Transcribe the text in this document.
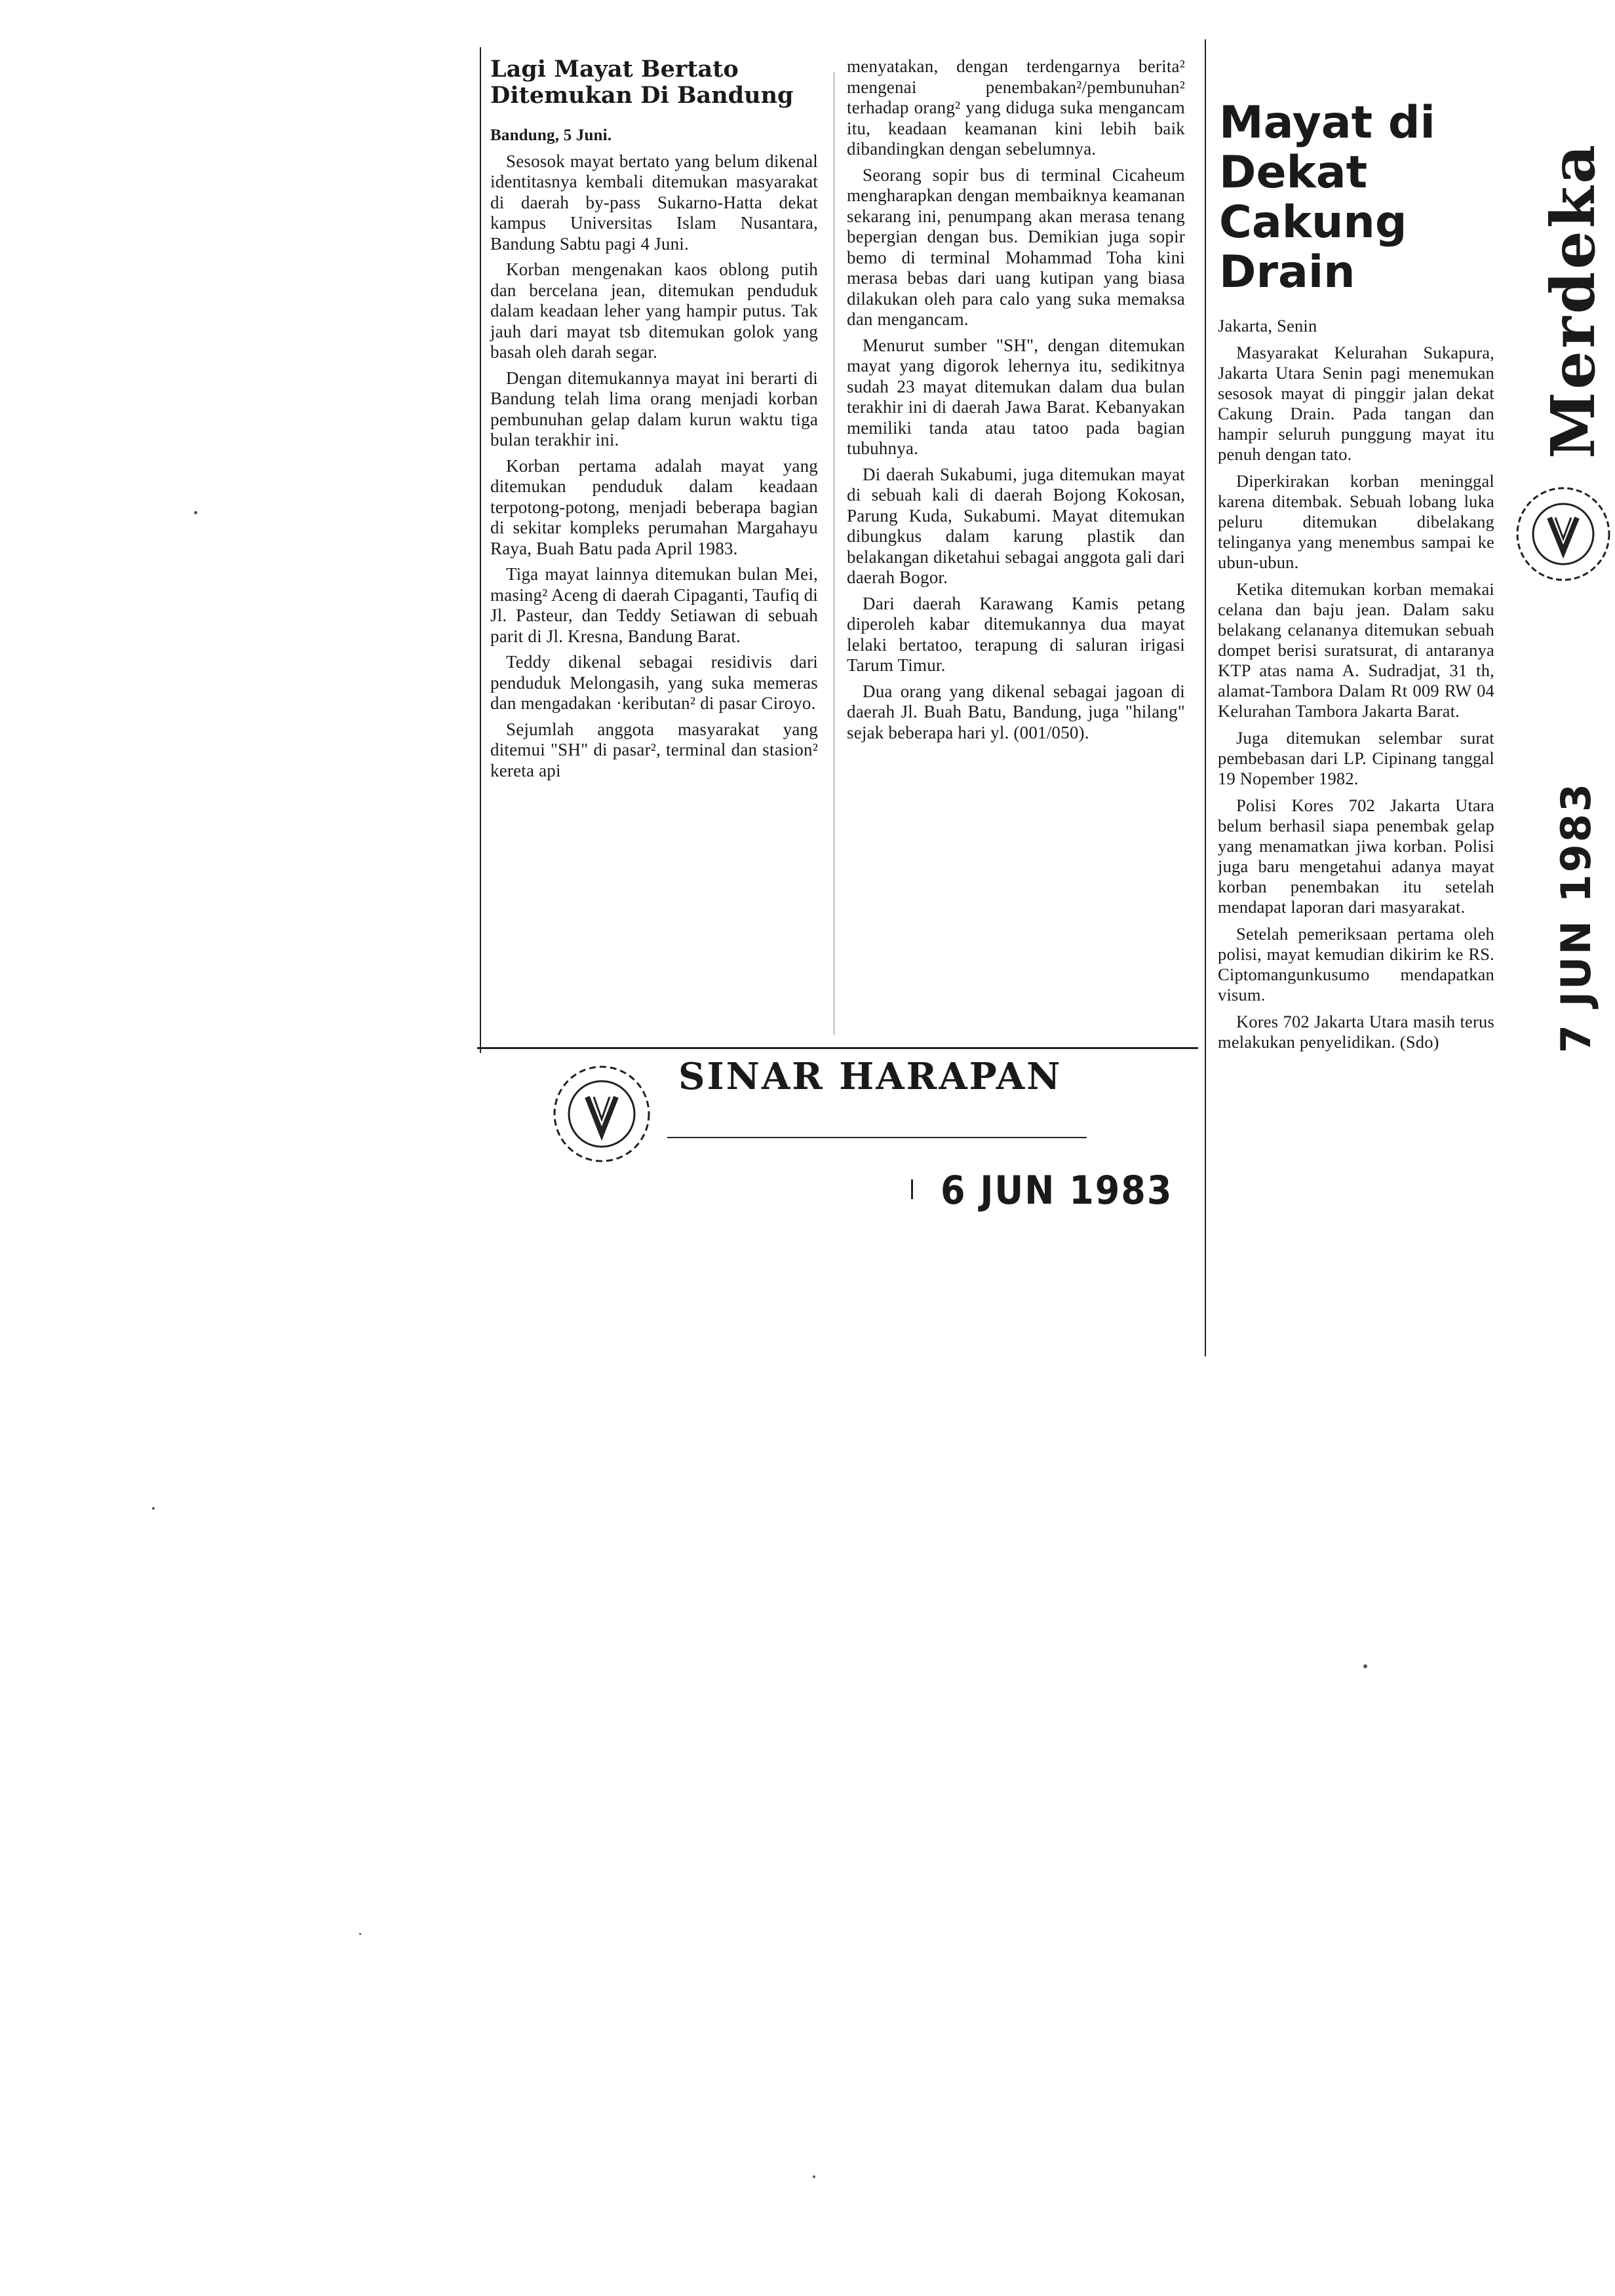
Lagi Mayat Bertato Ditemukan Di Bandung

Bandung, 5 Juni.

Sesosok mayat bertato yang belum dikenal identitasnya kembali ditemukan masyarakat di daerah by-pass Sukarno-Hatta dekat kampus Universitas Islam Nusantara, Bandung Sabtu pagi 4 Juni.

Korban mengenakan kaos oblong putih dan bercelana jean, ditemukan penduduk dalam keadaan leher yang hampir putus. Tak jauh dari mayat tsb ditemukan golok yang basah oleh darah segar.

Dengan ditemukannya mayat ini berarti di Bandung telah lima orang menjadi korban pembunuhan gelap dalam kurun waktu tiga bulan terakhir ini.

Korban pertama adalah mayat yang ditemukan penduduk dalam keadaan terpotong-potong, menjadi beberapa bagian di sekitar kompleks perumahan Margahayu Raya, Buah Batu pada April 1983.

Tiga mayat lainnya ditemukan bulan Mei, masing² Aceng di daerah Cipaganti, Taufiq di Jl. Pasteur, dan Teddy Setiawan di sebuah parit di Jl. Kresna, Bandung Barat.

Teddy dikenal sebagai residivis dari penduduk Melongasih, yang suka memeras dan mengadakan ·keributan² di pasar Ciroyo.

Sejumlah anggota masyarakat yang ditemui "SH" di pasar², terminal dan stasion² kereta api

menyatakan, dengan terdengarnya berita² mengenai penembakan²/pembunuhan² terhadap orang² yang diduga suka mengancam itu, keadaan keamanan kini lebih baik dibandingkan dengan sebelumnya.

Seorang sopir bus di terminal Cicaheum mengharapkan dengan membaiknya keamanan sekarang ini, penumpang akan merasa tenang bepergian dengan bus. Demikian juga sopir bemo di terminal Mohammad Toha kini merasa bebas dari uang kutipan yang biasa dilakukan oleh para calo yang suka memaksa dan mengancam.

Menurut sumber "SH", dengan ditemukan mayat yang digorok lehernya itu, sedikitnya sudah 23 mayat ditemukan dalam dua bulan terakhir ini di daerah Jawa Barat. Kebanyakan memiliki tanda atau tatoo pada bagian tubuhnya.

Di daerah Sukabumi, juga ditemukan mayat di sebuah kali di daerah Bojong Kokosan, Parung Kuda, Sukabumi. Mayat ditemukan dibungkus dalam karung plastik dan belakangan diketahui sebagai anggota gali dari daerah Bogor.

Dari daerah Karawang Kamis petang diperoleh kabar ditemukannya dua mayat lelaki bertatoo, terapung di saluran irigasi Tarum Timur.

Dua orang yang dikenal sebagai jagoan di daerah Jl. Buah Batu, Bandung, juga "hilang" sejak beberapa hari yl. (001/050).

SINAR HARAPAN
6 JUN 1983
Mayat di Dekat Cakung Drain

Jakarta, Senin

Masyarakat Kelurahan Sukapura, Jakarta Utara Senin pagi menemukan sesosok mayat di pinggir jalan dekat Cakung Drain. Pada tangan dan hampir seluruh punggung mayat itu penuh dengan tato.

Diperkirakan korban meninggal karena ditembak. Sebuah lobang luka peluru ditemukan dibelakang telinganya yang menembus sampai ke ubun-ubun.

Ketika ditemukan korban memakai celana dan baju jean. Dalam saku belakang celananya ditemukan sebuah dompet berisi suratsurat, di antaranya KTP atas nama A. Sudradjat, 31 th, alamat-Tambora Dalam Rt 009 RW 04 Kelurahan Tambora Jakarta Barat.

Juga ditemukan selembar surat pembebasan dari LP. Cipinang tanggal 19 Nopember 1982.

Polisi Kores 702 Jakarta Utara belum berhasil siapa penembak gelap yang menamatkan jiwa korban. Polisi juga baru mengetahui adanya mayat korban penembakan itu setelah mendapat laporan dari masyarakat.

Setelah pemeriksaan pertama oleh polisi, mayat kemudian dikirim ke RS. Ciptomangunkusumo mendapatkan visum.

Kores 702 Jakarta Utara masih terus melakukan penyelidikan. (Sdo)

Merdeka
7 JUN 1983
